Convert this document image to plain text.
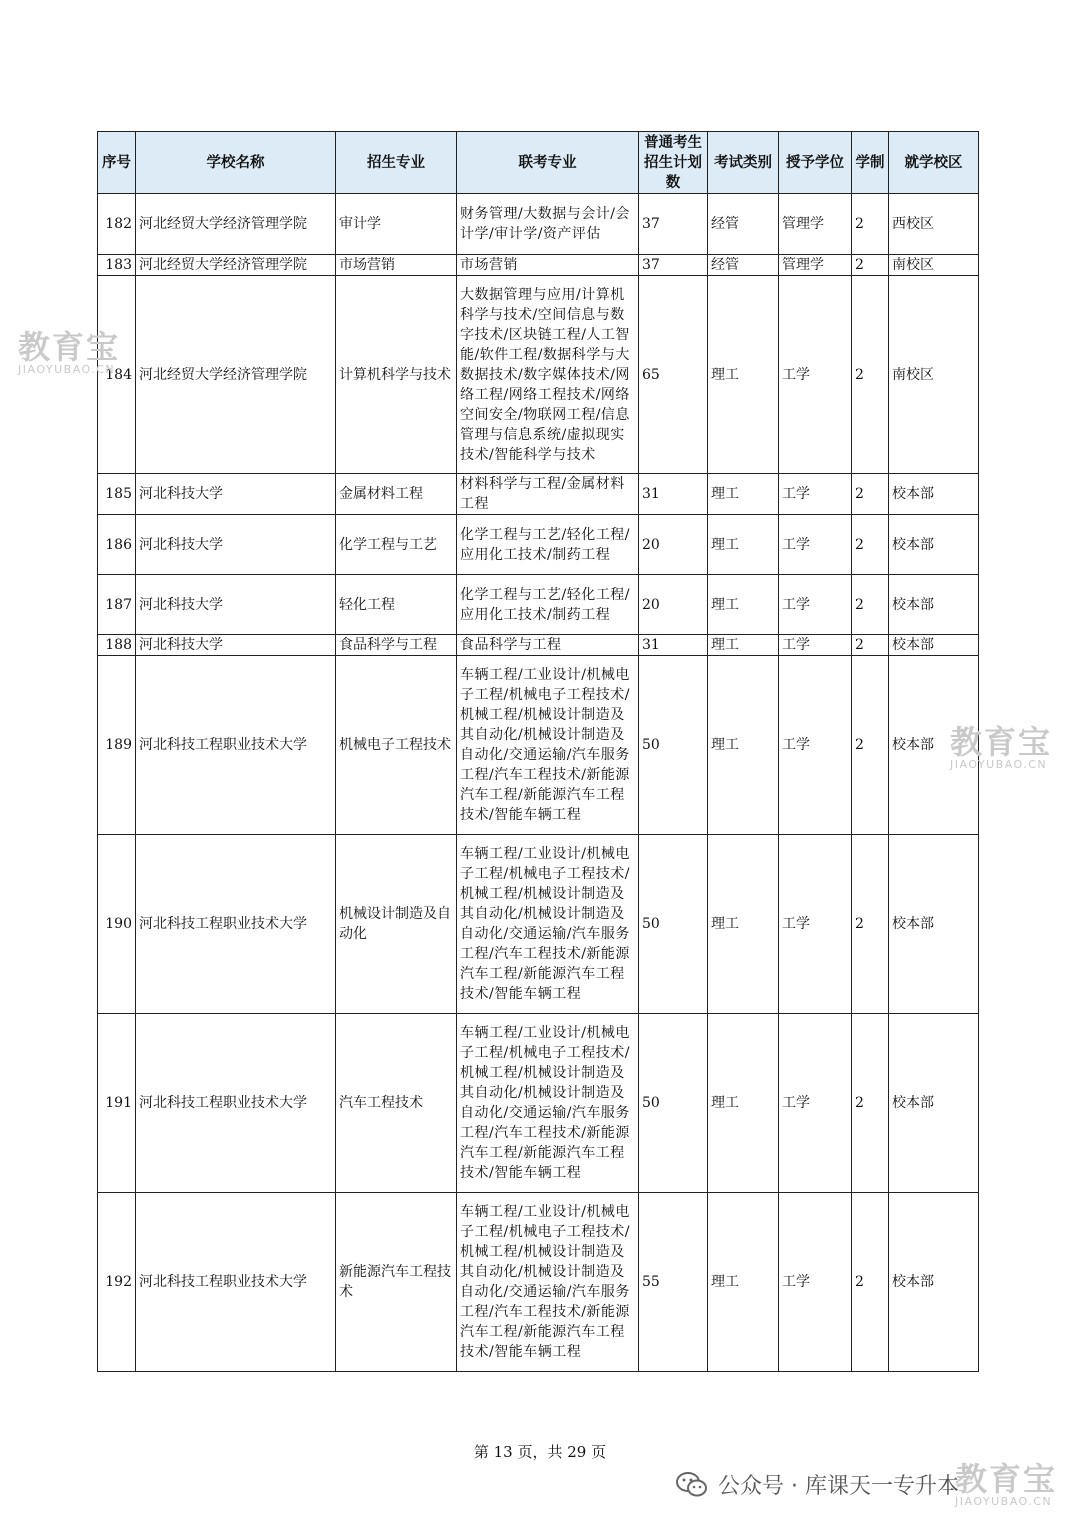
序号	学校名称	招生专业	联考专业	普通考生招生计划数	考试类别	授予学位	学制	就学校区
182	河北经贸大学经济管理学院	审计学	财务管理/大数据与会计/会计学/审计学/资产评估	37	经管	管理学	2	西校区
183	河北经贸大学经济管理学院	市场营销	市场营销	37	经管	管理学	2	南校区
184	河北经贸大学经济管理学院	计算机科学与技术	大数据管理与应用/计算机科学与技术/空间信息与数字技术/区块链工程/人工智能/软件工程/数据科学与大数据技术/数字媒体技术/网络工程/网络工程技术/网络空间安全/物联网工程/信息管理与信息系统/虚拟现实技术/智能科学与技术	65	理工	工学	2	南校区
185	河北科技大学	金属材料工程	材料科学与工程/金属材料工程	31	理工	工学	2	校本部
186	河北科技大学	化学工程与工艺	化学工程与工艺/轻化工程/应用化工技术/制药工程	20	理工	工学	2	校本部
187	河北科技大学	轻化工程	化学工程与工艺/轻化工程/应用化工技术/制药工程	20	理工	工学	2	校本部
188	河北科技大学	食品科学与工程	食品科学与工程	31	理工	工学	2	校本部
189	河北科技工程职业技术大学	机械电子工程技术	车辆工程/工业设计/机械电子工程/机械电子工程技术/机械工程/机械设计制造及其自动化/机械设计制造及自动化/交通运输/汽车服务工程/汽车工程技术/新能源汽车工程/新能源汽车工程技术/智能车辆工程	50	理工	工学	2	校本部
190	河北科技工程职业技术大学	机械设计制造及自动化	车辆工程/工业设计/机械电子工程/机械电子工程技术/机械工程/机械设计制造及其自动化/机械设计制造及自动化/交通运输/汽车服务工程/汽车工程技术/新能源汽车工程/新能源汽车工程技术/智能车辆工程	50	理工	工学	2	校本部
191	河北科技工程职业技术大学	汽车工程技术	车辆工程/工业设计/机械电子工程/机械电子工程技术/机械工程/机械设计制造及其自动化/机械设计制造及自动化/交通运输/汽车服务工程/汽车工程技术/新能源汽车工程/新能源汽车工程技术/智能车辆工程	50	理工	工学	2	校本部
192	河北科技工程职业技术大学	新能源汽车工程技术	车辆工程/工业设计/机械电子工程/机械电子工程技术/机械工程/机械设计制造及其自动化/机械设计制造及自动化/交通运输/汽车服务工程/汽车工程技术/新能源汽车工程/新能源汽车工程技术/智能车辆工程	55	理工	工学	2	校本部
教育宝
JIAOYUBAO.CN
教育宝
JIAOYUBAO.CN
教育宝
JIAOYUBAO.CN
第 13 页，共 29 页
公众号 · 库课天一专升本
